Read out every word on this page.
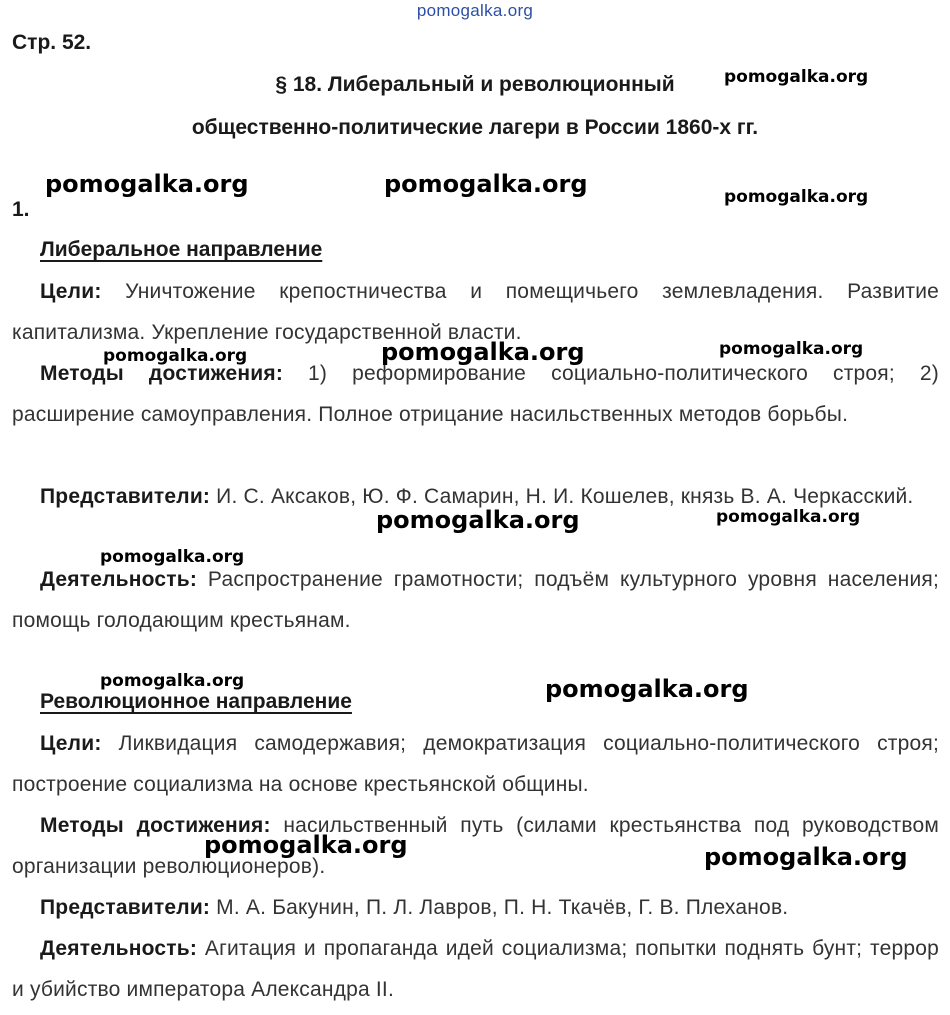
pomogalka.org
Стр. 52.
§ 18. Либеральный и революционный
общественно-политические лагери в России 1860-х гг.
1.
Либеральное направление
Цели: Уничтожение крепостничества и помещичьего землевладения. Развитие капитализма. Укрепление государственной власти.
Методы достижения: 1) реформирование социально-политического строя; 2) расширение самоуправления. Полное отрицание насильственных методов борьбы.
Представители: И. С. Аксаков, Ю. Ф. Самарин, Н. И. Кошелев, князь В. А. Черкасский.
Деятельность: Распространение грамотности; подъём культурного уровня населения; помощь голодающим крестьянам.
Революционное направление
Цели: Ликвидация самодержавия; демократизация социально-политического строя; построение социализма на основе крестьянской общины.
Методы достижения: насильственный путь (силами крестьянства под руководством организации революционеров).
Представители: М. А. Бакунин, П. Л. Лавров, П. Н. Ткачёв, Г. В. Плеханов.
Деятельность: Агитация и пропаганда идей социализма; попытки поднять бунт; террор и убийство императора Александра II.
pomogalka.org
pomogalka.org	pomogalka.org	pomogalka.org
pomogalka.org	pomogalka.org	pomogalka.org
pomogalka.org	pomogalka.org
pomogalka.org
pomogalka.org	pomogalka.org
pomogalka.org	pomogalka.org
